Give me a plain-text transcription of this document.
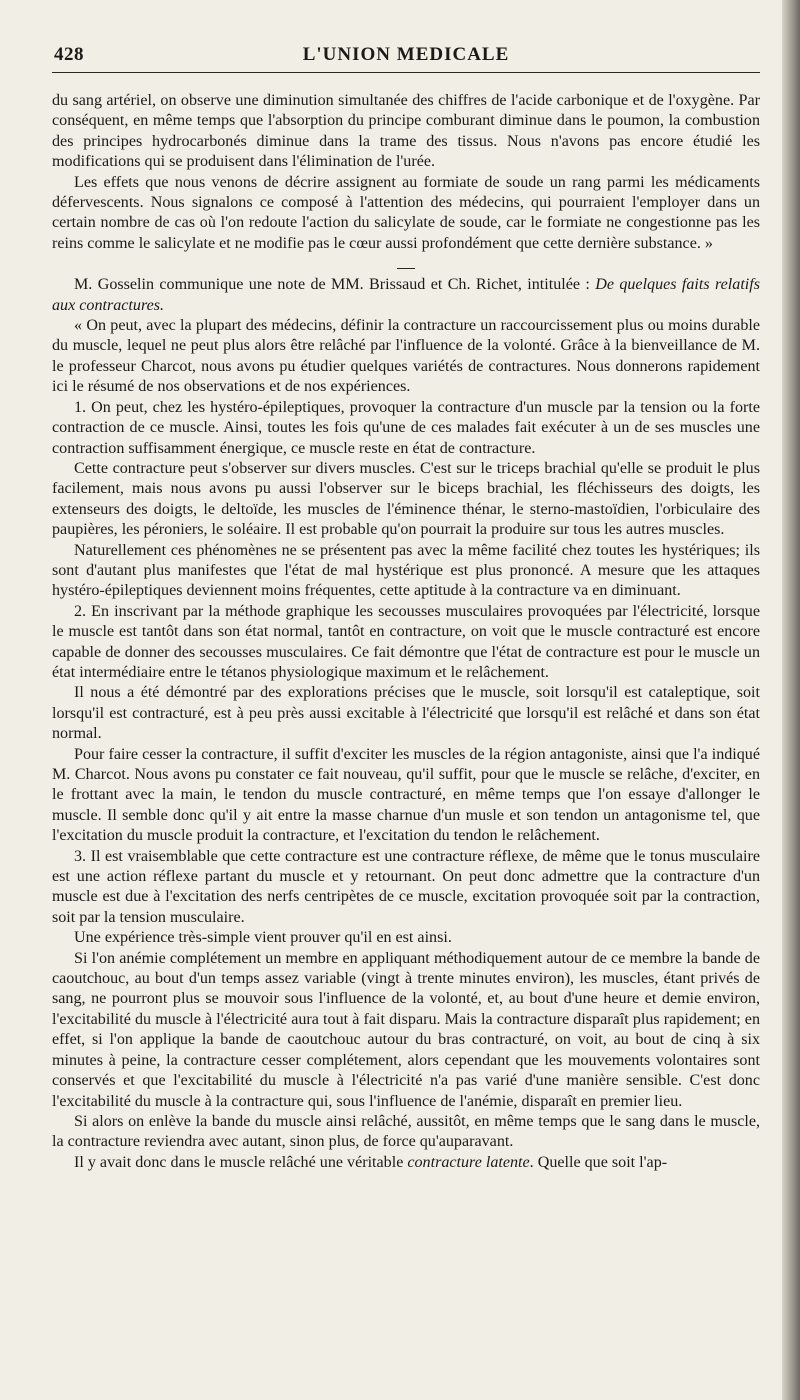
428	L'UNION MEDICALE

du sang artériel, on observe une diminution simultanée des chiffres de l'acide carbonique et de l'oxygène. Par conséquent, en même temps que l'absorption du principe comburant diminue dans le poumon, la combustion des principes hydrocarbonés diminue dans la trame des tissus. Nous n'avons pas encore étudié les modifications qui se produisent dans l'élimination de l'urée.

Les effets que nous venons de décrire assignent au formiate de soude un rang parmi les médicaments défervescents. Nous signalons ce composé à l'attention des médecins, qui pourraient l'employer dans un certain nombre de cas où l'on redoute l'action du salicylate de soude, car le formiate ne congestionne pas les reins comme le salicylate et ne modifie pas le cœur aussi profondément que cette dernière substance. »

M. Gosselin communique une note de MM. Brissaud et Ch. Richet, intitulée : De quelques faits relatifs aux contractures.

« On peut, avec la plupart des médecins, définir la contracture un raccourcissement plus ou moins durable du muscle, lequel ne peut plus alors être relâché par l'influence de la volonté. Grâce à la bienveillance de M. le professeur Charcot, nous avons pu étudier quelques variétés de contractures. Nous donnerons rapidement ici le résumé de nos observations et de nos expériences.

1. On peut, chez les hystéro-épileptiques, provoquer la contracture d'un muscle par la tension ou la forte contraction de ce muscle. Ainsi, toutes les fois qu'une de ces malades fait exécuter à un de ses muscles une contraction suffisamment énergique, ce muscle reste en état de contracture.

Cette contracture peut s'observer sur divers muscles. C'est sur le triceps brachial qu'elle se produit le plus facilement, mais nous avons pu aussi l'observer sur le biceps brachial, les fléchisseurs des doigts, les extenseurs des doigts, le deltoïde, les muscles de l'éminence thénar, le sterno-mastoïdien, l'orbiculaire des paupières, les péroniers, le soléaire. Il est probable qu'on pourrait la produire sur tous les autres muscles.

Naturellement ces phénomènes ne se présentent pas avec la même facilité chez toutes les hystériques; ils sont d'autant plus manifestes que l'état de mal hystérique est plus prononcé. A mesure que les attaques hystéro-épileptiques deviennent moins fréquentes, cette aptitude à la contracture va en diminuant.

2. En inscrivant par la méthode graphique les secousses musculaires provoquées par l'électricité, lorsque le muscle est tantôt dans son état normal, tantôt en contracture, on voit que le muscle contracturé est encore capable de donner des secousses musculaires. Ce fait démontre que l'état de contracture est pour le muscle un état intermédiaire entre le tétanos physiologique maximum et le relâchement.

Il nous a été démontré par des explorations précises que le muscle, soit lorsqu'il est cataleptique, soit lorsqu'il est contracturé, est à peu près aussi excitable à l'électricité que lorsqu'il est relâché et dans son état normal.

Pour faire cesser la contracture, il suffit d'exciter les muscles de la région antagoniste, ainsi que l'a indiqué M. Charcot. Nous avons pu constater ce fait nouveau, qu'il suffit, pour que le muscle se relâche, d'exciter, en le frottant avec la main, le tendon du muscle contracturé, en même temps que l'on essaye d'allonger le muscle. Il semble donc qu'il y ait entre la masse charnue d'un musle et son tendon un antagonisme tel, que l'excitation du muscle produit la contracture, et l'excitation du tendon le relâchement.

3. Il est vraisemblable que cette contracture est une contracture réflexe, de même que le tonus musculaire est une action réflexe partant du muscle et y retournant. On peut donc admettre que la contracture d'un muscle est due à l'excitation des nerfs centripètes de ce muscle, excitation provoquée soit par la contraction, soit par la tension musculaire.

Une expérience très-simple vient prouver qu'il en est ainsi.

Si l'on anémie complétement un membre en appliquant méthodiquement autour de ce membre la bande de caoutchouc, au bout d'un temps assez variable (vingt à trente minutes environ), les muscles, étant privés de sang, ne pourront plus se mouvoir sous l'influence de la volonté, et, au bout d'une heure et demie environ, l'excitabilité du muscle à l'électricité aura tout à fait disparu. Mais la contracture disparaît plus rapidement; en effet, si l'on applique la bande de caoutchouc autour du bras contracturé, on voit, au bout de cinq à six minutes à peine, la contracture cesser complétement, alors cependant que les mouvements volontaires sont conservés et que l'excitabilité du muscle à l'électricité n'a pas varié d'une manière sensible. C'est donc l'excitabilité du muscle à la contracture qui, sous l'influence de l'anémie, disparaît en premier lieu.

Si alors on enlève la bande du muscle ainsi relâché, aussitôt, en même temps que le sang dans le muscle, la contracture reviendra avec autant, sinon plus, de force qu'auparavant.

Il y avait donc dans le muscle relâché une véritable contracture latente. Quelle que soit l'ap-
